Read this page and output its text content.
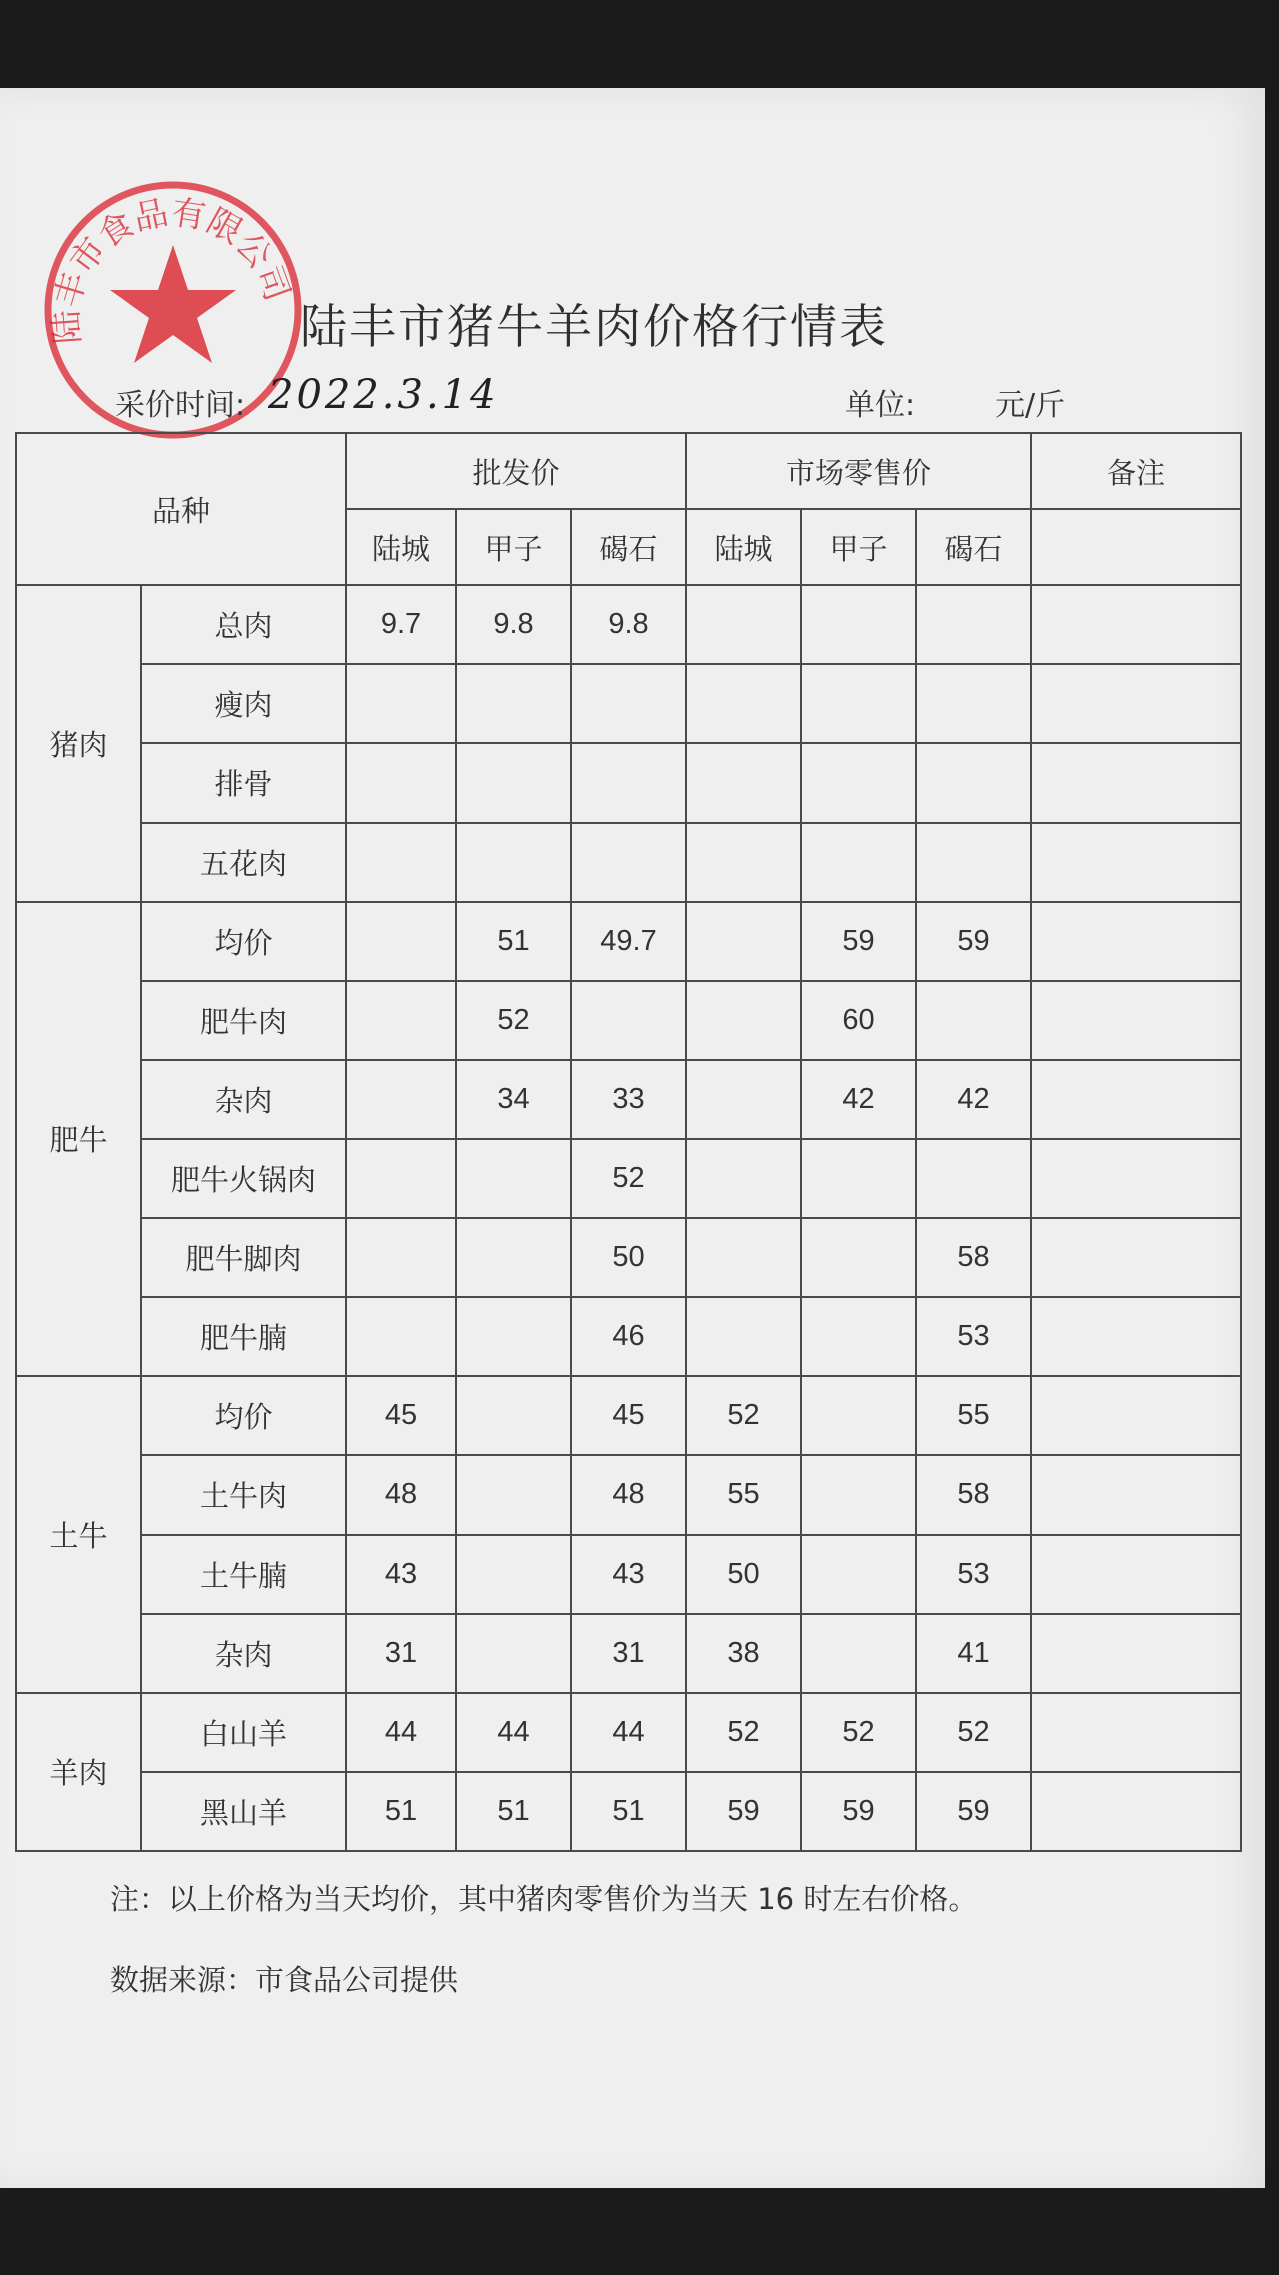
陆丰市食品有限公司
陆丰市猪牛羊肉价格行情表
采价时间: 2022.3.14	单位:	元/斤
品种		批发价			市场零售价			备注
		陆城	甲子	碣石	陆城	甲子	碣石	
猪肉	总肉	9.7	9.8	9.8				
	瘦肉							
	排骨							
	五花肉							
肥牛	均价		51	49.7		59	59	
	肥牛肉		52			60		
	杂肉		34	33		42	42	
	肥牛火锅肉			52				
	肥牛脚肉			50			58	
	肥牛腩			46			53	
土牛	均价	45		45	52		55	
	土牛肉	48		48	55		58	
	土牛腩	43		43	50		53	
	杂肉	31		31	38		41	
羊肉	白山羊	44	44	44	52	52	52	
	黑山羊	51	51	51	59	59	59	
注：以上价格为当天均价，其中猪肉零售价为当天 16 时左右价格。
数据来源：市食品公司提供
